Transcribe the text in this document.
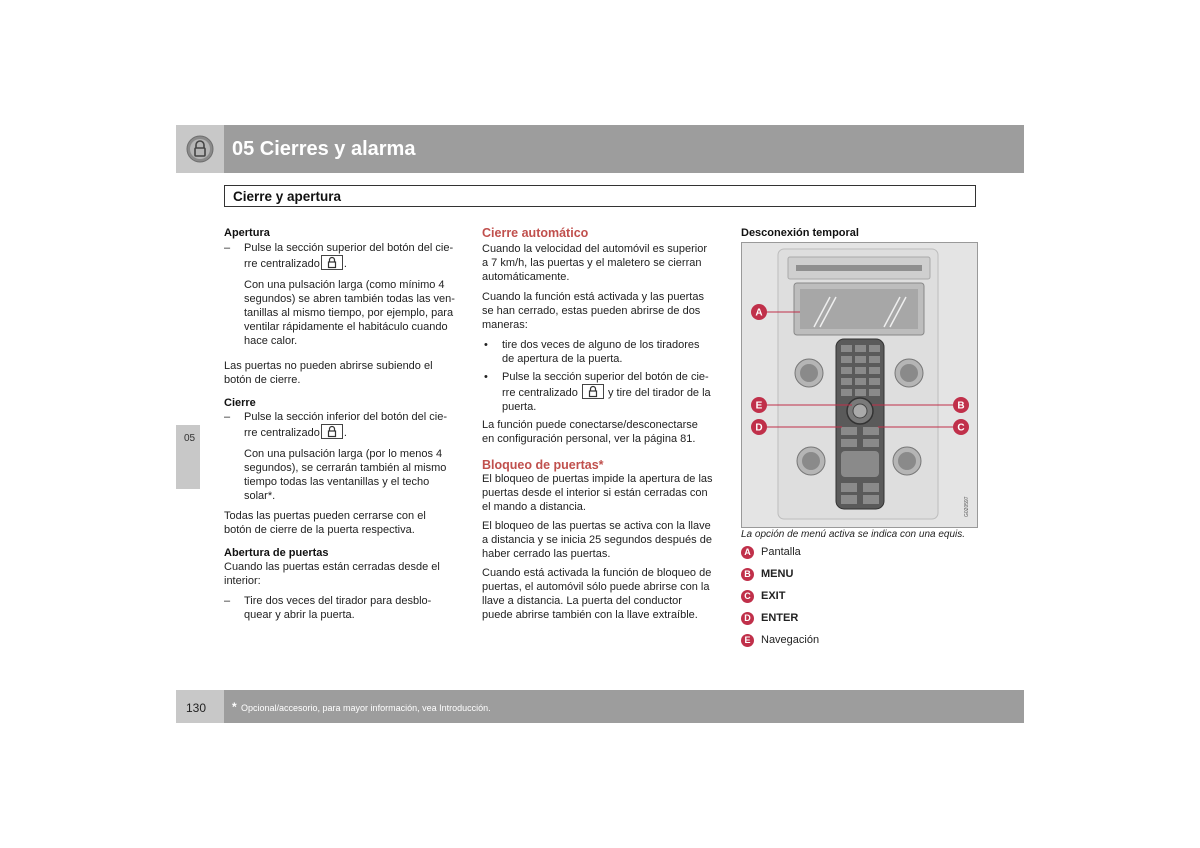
05 Cierres y alarma
Cierre y apertura
05

Apertura

– Pulse la sección superior del botón del cie-
rre centralizado .
Con una pulsación larga (como mínimo 4
segundos) se abren también todas las ven-
tanillas al mismo tiempo, por ejemplo, para
ventilar rápidamente el habitáculo cuando
hace calor.
Las puertas no pueden abrirse subiendo el
botón de cierre.

Cierre

– Pulse la sección inferior del botón del cie-
rre centralizado .
Con una pulsación larga (por lo menos 4
segundos), se cerrarán también al mismo
tiempo todas las ventanillas y el techo
solar*.
Todas las puertas pueden cerrarse con el
botón de cierre de la puerta respectiva.

Abertura de puertas

Cuando las puertas están cerradas desde el
interior:
– Tire dos veces del tirador para desblo-
quear y abrir la puerta.

Cierre automático

Cuando la velocidad del automóvil es superior
a 7 km/h, las puertas y el maletero se cierran
automáticamente.
Cuando la función está activada y las puertas
se han cerrado, estas pueden abrirse de dos
maneras:
• tire dos veces de alguno de los tiradores
de apertura de la puerta.
• Pulse la sección superior del botón de cie-
rre centralizado	y tire del tirador de la
puerta.
La función puede conectarse/desconectarse
en configuración personal, ver la página 81.

Bloqueo de puertas*

El bloqueo de puertas impide la apertura de las
puertas desde el interior si están cerradas con
el mando a distancia.
El bloqueo de las puertas se activa con la llave
a distancia y se inicia 25 segundos después de
haber cerrado las puertas.
Cuando está activada la función de bloqueo de
puertas, el automóvil sólo puede abrirse con la
llave a distancia. La puerta del conductor
puede abrirse también con la llave extraíble.
Desconexión temporal
A
E
D
B
C
G020597
La opción de menú activa se indica con una equis.
A Pantalla
B MENU
C EXIT
D ENTER
E Navegación
130 * Opcional/accesorio, para mayor información, vea Introducción.
